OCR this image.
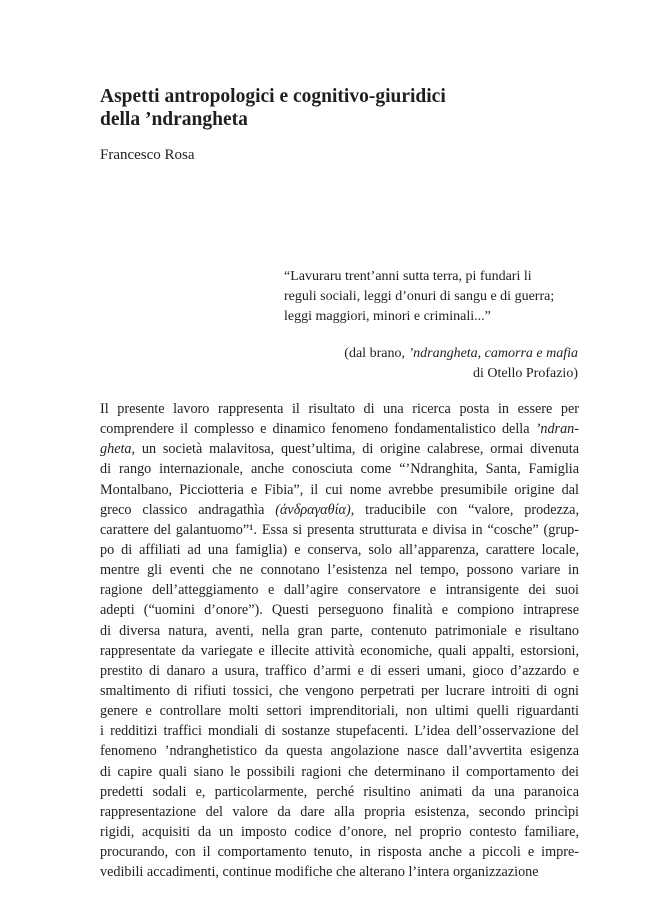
Aspetti antropologici e cognitivo-giuridici
della ’ndrangheta
Francesco Rosa
“Lavuraru trent’anni sutta terra, pi fundari li
reguli sociali, leggi d’onuri di sangu e di guerra;
leggi maggiori, minori e criminali...”
(dal brano, ’ndrangheta, camorra e mafia
di Otello Profazio)
Il presente lavoro rappresenta il risultato di una ricerca posta in essere per
comprendere il complesso e dinamico fenomeno fondamentalistico della ’ndran-
gheta, un società malavitosa, quest’ultima, di origine calabrese, ormai divenuta
di rango internazionale, anche conosciuta come “’Ndranghita, Santa, Famiglia
Montalbano, Picciotteria e Fibia”, il cui nome avrebbe presumibile origine dal
greco classico andragathìa (ἀνδραγαθία), traducibile con “valore, prodezza,
carattere del galantuomo”¹. Essa si presenta strutturata e divisa in “cosche” (grup-
po di affiliati ad una famiglia) e conserva, solo all’apparenza, carattere locale,
mentre gli eventi che ne connotano l’esistenza nel tempo, possono variare in
ragione dell’atteggiamento e dall’agire conservatore e intransigente dei suoi
adepti (“uomini d’onore”). Questi perseguono finalità e compiono intraprese
di diversa natura, aventi, nella gran parte, contenuto patrimoniale e risultano
rappresentate da variegate e illecite attività economiche, quali appalti, estorsioni,
prestito di danaro a usura, traffico d’armi e di esseri umani, gioco d’azzardo e
smaltimento di rifiuti tossici, che vengono perpetrati per lucrare introiti di ogni
genere e controllare molti settori imprenditoriali, non ultimi quelli riguardanti
i redditizi traffici mondiali di sostanze stupefacenti. L’idea dell’osservazione del
fenomeno ’ndranghetistico da questa angolazione nasce dall’avvertita esigenza
di capire quali siano le possibili ragioni che determinano il comportamento dei
predetti sodali e, particolarmente, perché risultino animati da una paranoica
rappresentazione del valore da dare alla propria esistenza, secondo princìpi
rigidi, acquisiti da un imposto codice d’onore, nel proprio contesto familiare,
procurando, con il comportamento tenuto, in risposta anche a piccoli e impre-
vedibili accadimenti, continue modifiche che alterano l’intera organizzazione
